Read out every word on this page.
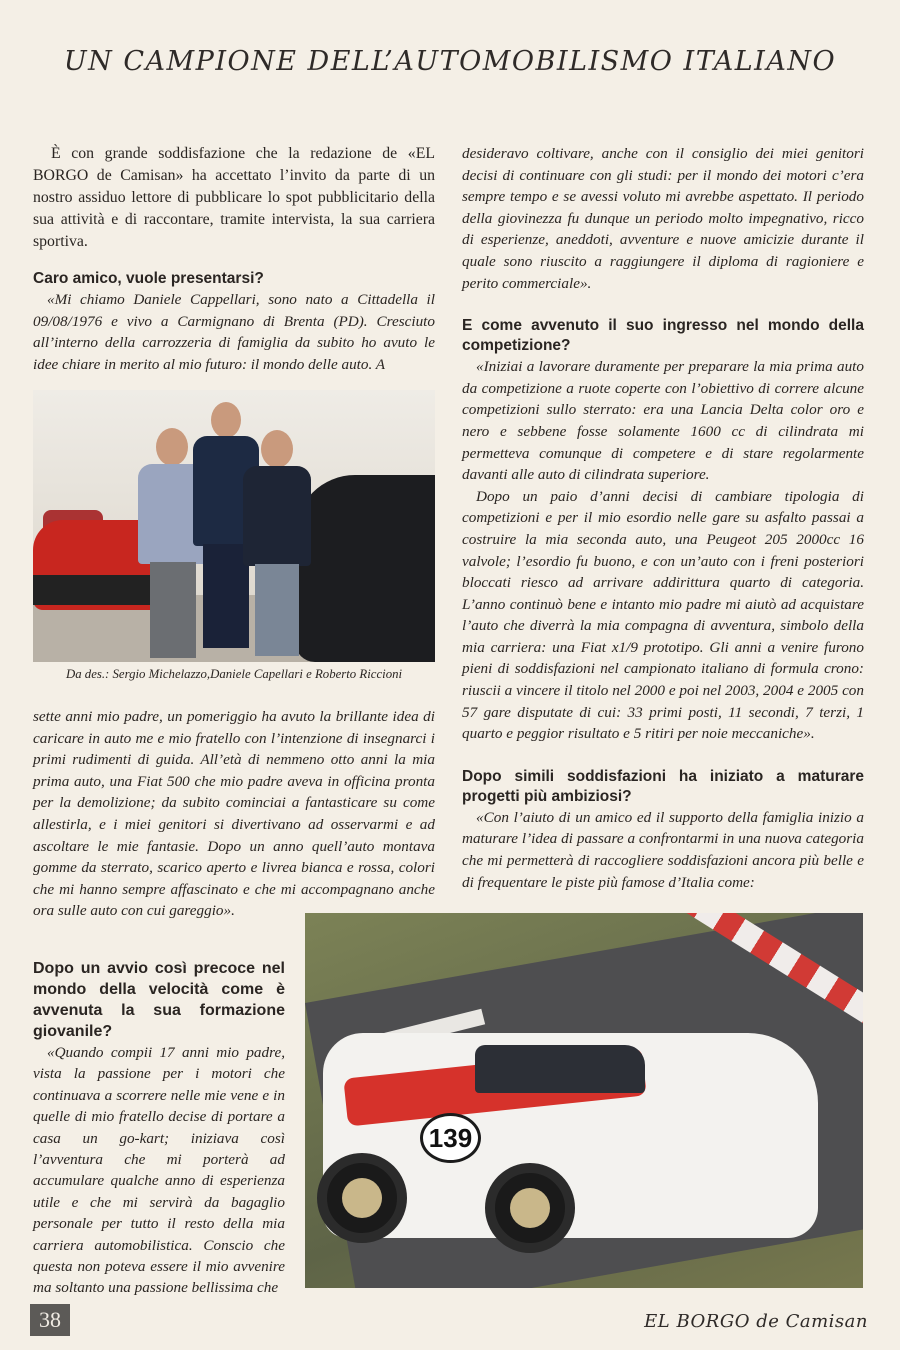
UN CAMPIONE DELL’AUTOMOBILISMO ITALIANO

È con grande soddisfazione che la redazione de «EL BORGO de Camisan» ha accettato l’invito da parte di un nostro assiduo lettore di pubblicare lo spot pubblicitario della sua attività e di raccontare, tramite intervista, la sua carriera sportiva.

Caro amico, vuole presentarsi?

«Mi chiamo Daniele Cappellari, sono nato a Cittadella il 09/08/1976 e vivo a Carmignano di Brenta (PD). Cresciuto all’interno della carrozzeria di famiglia da subito ho avuto le idee chiare in merito al mio futuro: il mondo delle auto. A

Da des.: Sergio Michelazzo,Daniele Capellari e Roberto Riccioni

sette anni mio padre, un pomeriggio ha avuto la brillante idea di caricare in auto me e mio fratello con l’intenzione di insegnarci i primi rudimenti di guida. All’età di nemmeno otto anni la mia prima auto, una Fiat 500 che mio padre aveva in officina pronta per la demolizione; da subito cominciai a fantasticare su come allestirla, e i miei genitori si divertivano ad osservarmi e ad ascoltare le mie fantasie. Dopo un anno quell’auto montava gomme da sterrato, scarico aperto e livrea bianca e rossa, colori che mi hanno sempre affascinato e che mi accompagnano anche ora sulle auto con cui gareggio».

Dopo un avvio così precoce nel mondo della velocità come è avvenuta la sua formazione giovanile?

«Quando compii 17 anni mio padre, vista la passione per i motori che continuava a scorrere nelle mie vene e in quelle di mio fratello decise di portare a casa un go-kart; iniziava così l’avventura che mi porterà ad accumulare qualche anno di esperienza utile e che mi servirà da bagaglio personale per tutto il resto della mia carriera automobilistica. Conscio che questa non poteva essere il mio avvenire ma soltanto una passione bellissima che

desideravo coltivare, anche con il consiglio dei miei genitori decisi di continuare con gli studi: per il mondo dei motori c’era sempre tempo e se avessi voluto mi avrebbe aspettato. Il periodo della giovinezza fu dunque un periodo molto impegnativo, ricco di esperienze, aneddoti, avventure e nuove amicizie durante il quale sono riuscito a raggiungere il diploma di ragioniere e perito commerciale».

E come avvenuto il suo ingresso nel mondo della competizione?

«Iniziai a lavorare duramente per preparare la mia prima auto da competizione a ruote coperte con l’obiettivo di correre alcune competizioni sullo sterrato: era una Lancia Delta color oro e nero e sebbene fosse solamente 1600 cc di cilindrata mi permetteva comunque di competere e di stare regolarmente davanti alle auto di cilindrata superiore.

Dopo un paio d’anni decisi di cambiare tipologia di competizioni e per il mio esordio nelle gare su asfalto passai a costruire la mia seconda auto, una Peugeot 205 2000cc 16 valvole; l’esordio fu buono, e con un’auto con i freni posteriori bloccati riesco ad arrivare addirittura quarto di categoria. L’anno continuò bene e intanto mio padre mi aiutò ad acquistare l’auto che diverrà la mia compagna di avventura, simbolo della mia carriera: una Fiat x1/9 prototipo. Gli anni a venire furono pieni di soddisfazioni nel campionato italiano di formula crono: riuscii a vincere il titolo nel 2000 e poi nel 2003, 2004 e 2005 con 57 gare disputate di cui: 33 primi posti, 11 secondi, 7 terzi, 1 quarto e peggior risultato e 5 ritiri per noie meccaniche».

Dopo simili soddisfazioni ha iniziato a maturare progetti più ambiziosi?

«Con l’aiuto di un amico ed il supporto della famiglia inizio a maturare l’idea di passare a confrontarmi in una nuova categoria che mi permetterà di raccogliere soddisfazioni ancora più belle e di frequentare le piste più famose d’Italia come:

139
38	EL BORGO de Camisan
